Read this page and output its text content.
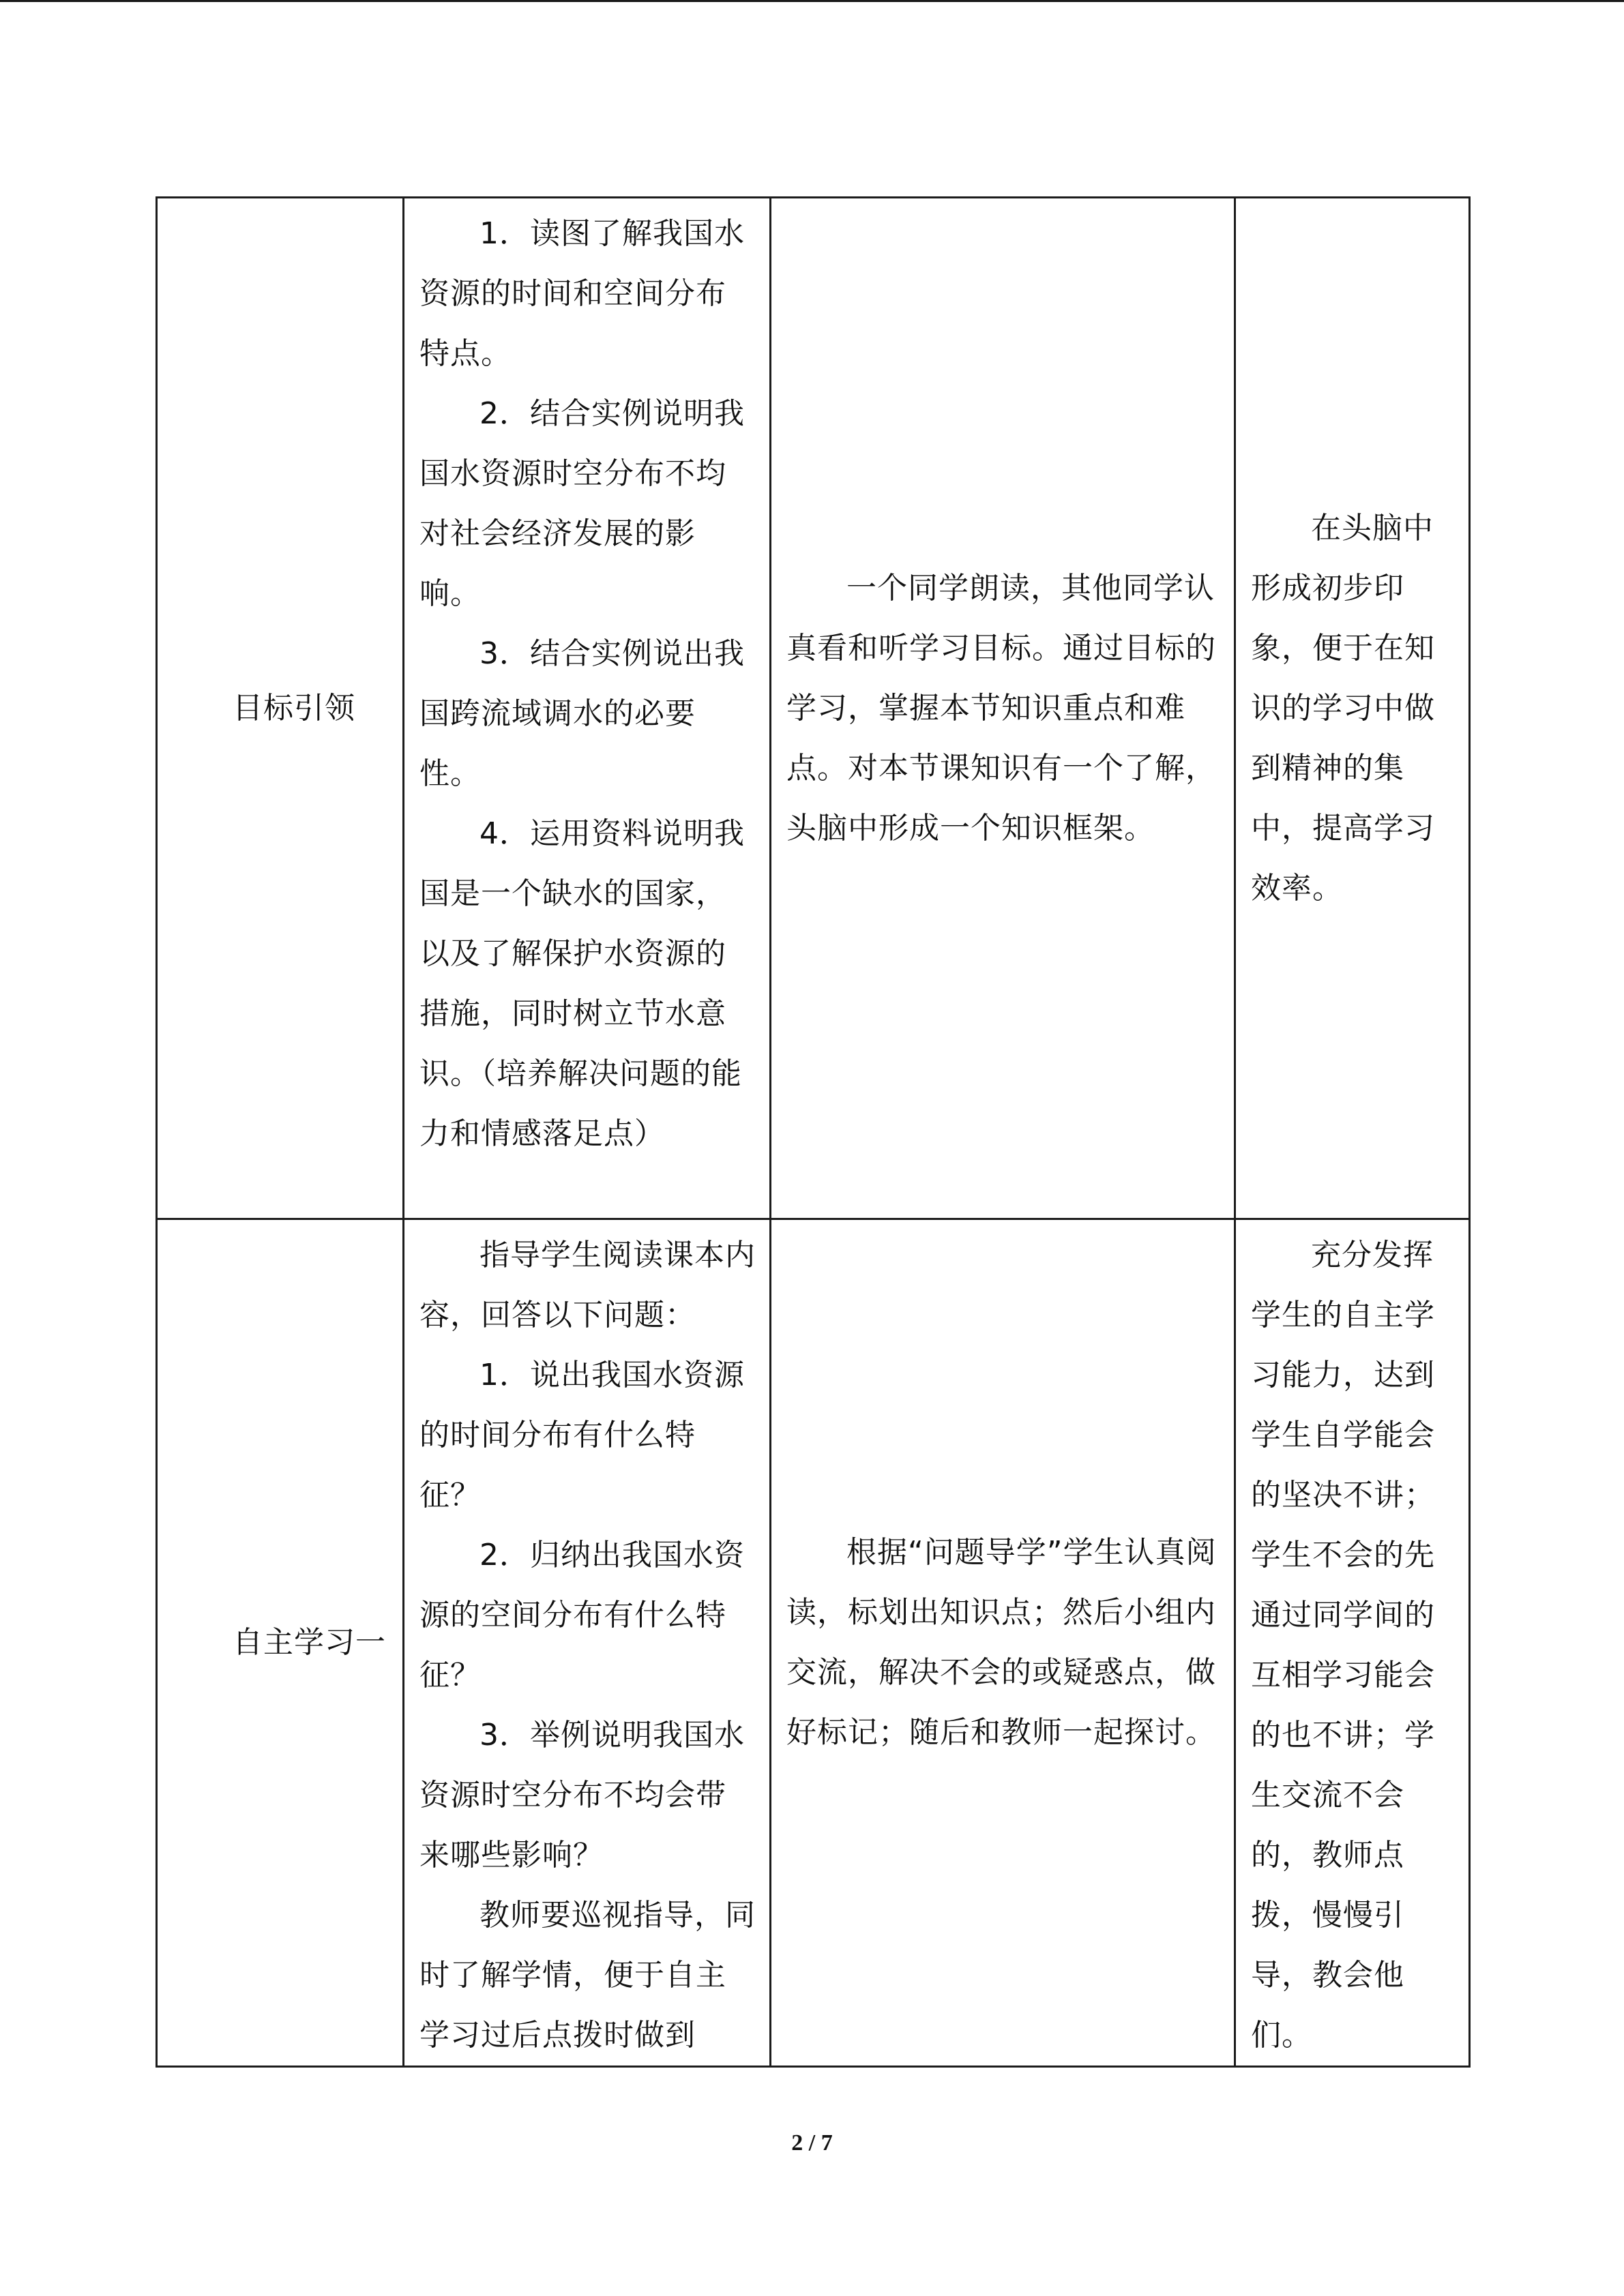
目标引领	1．读图了解我国水资源的时间和空间分布特点。

2．结合实例说明我国水资源时空分布不均对社会经济发展的影响。

3．结合实例说出我国跨流域调水的必要性。

4．运用资料说明我国是一个缺水的国家，以及了解保护水资源的措施，同时树立节水意识。（培养解决问题的能力和情感落足点）	一个同学朗读，其他同学认真看和听学习目标。通过目标的学习，掌握本节知识重点和难点。对本节课知识有一个了解，头脑中形成一个知识框架。	在头脑中形成初步印象，便于在知识的学习中做到精神的集中，提高学习效率。

自主学习一	指导学生阅读课本内容，回答以下问题：

1．说出我国水资源的时间分布有什么特征？

2．归纳出我国水资源的空间分布有什么特征？

3．举例说明我国水资源时空分布不均会带来哪些影响？

教师要巡视指导，同时了解学情，便于自主学习过后点拨时做到	根据“问题导学”学生认真阅读，标划出知识点；然后小组内交流，解决不会的或疑惑点，做好标记；随后和教师一起探讨。	充分发挥学生的自主学习能力，达到学生自学能会的坚决不讲；学生不会的先通过同学间的互相学习能会的也不讲；学生交流不会的，教师点拨，慢慢引导，教会他们。

2 / 7
